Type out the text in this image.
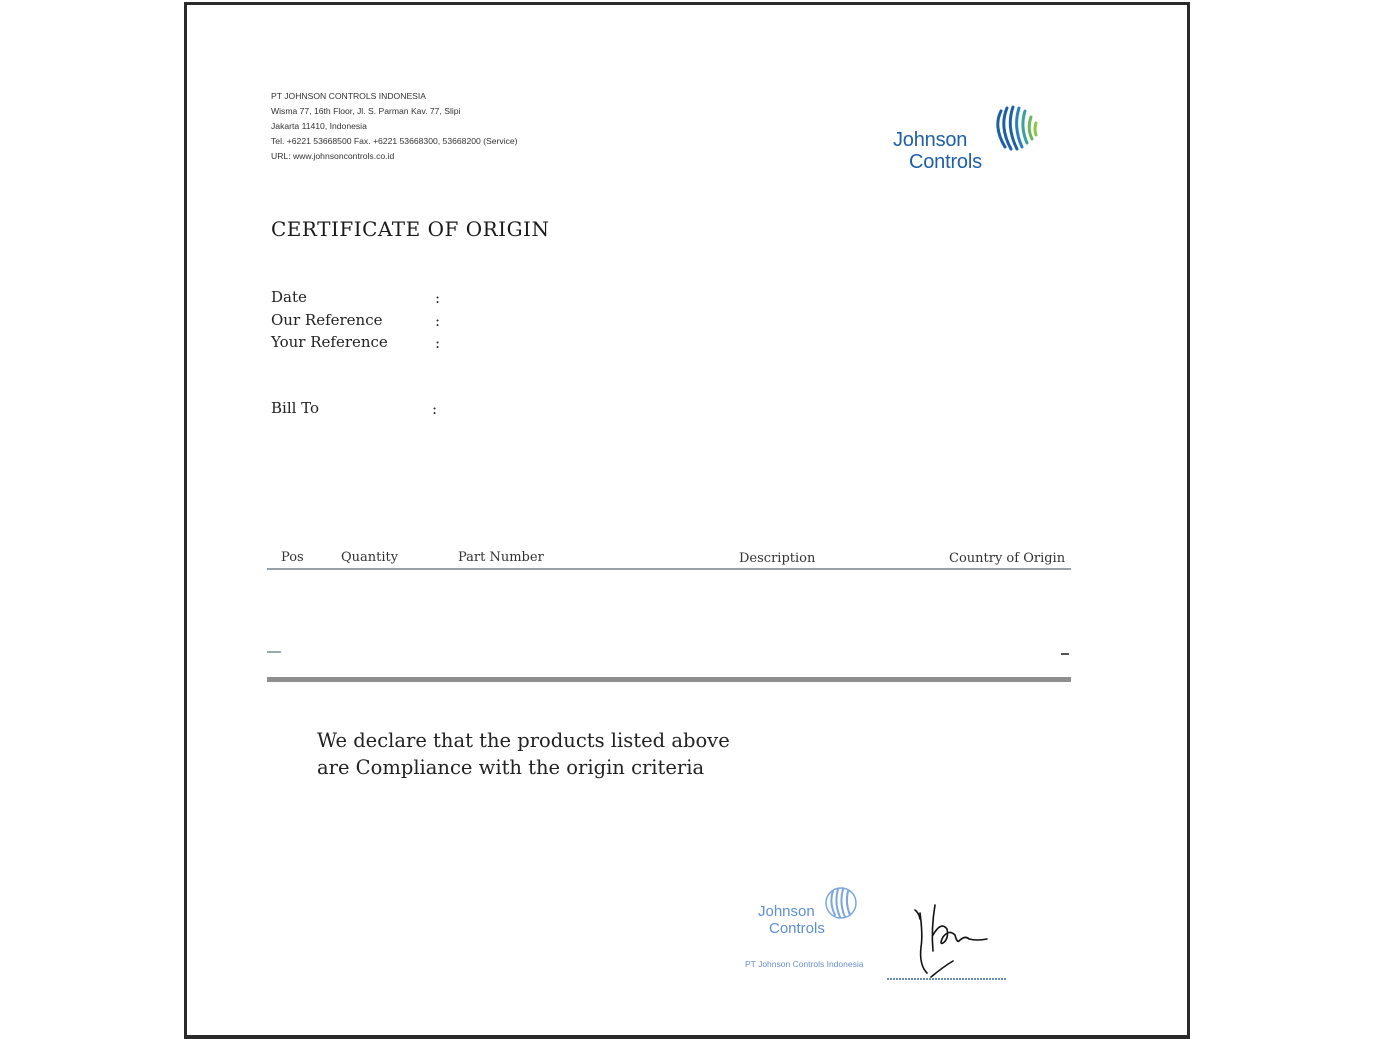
PT JOHNSON CONTROLS INDONESIA
Wisma 77, 16th Floor, Jl. S. Parman Kav. 77, Slipi
Jakarta 11410, Indonesia
Tel. +6221 53668500 Fax. +6221 53668300, 53668200 (Service)
URL: www.johnsoncontrols.co.id
Johnson
Controls
CERTIFICATE OF ORIGIN
Date	:
Our Reference	:
Your Reference	:
Bill To	:
Pos	Quantity	Part Number	Description	Country of Origin
We declare that the products listed above
are Compliance with the origin criteria
Johnson
Controls
PT Johnson Controls Indonesia
